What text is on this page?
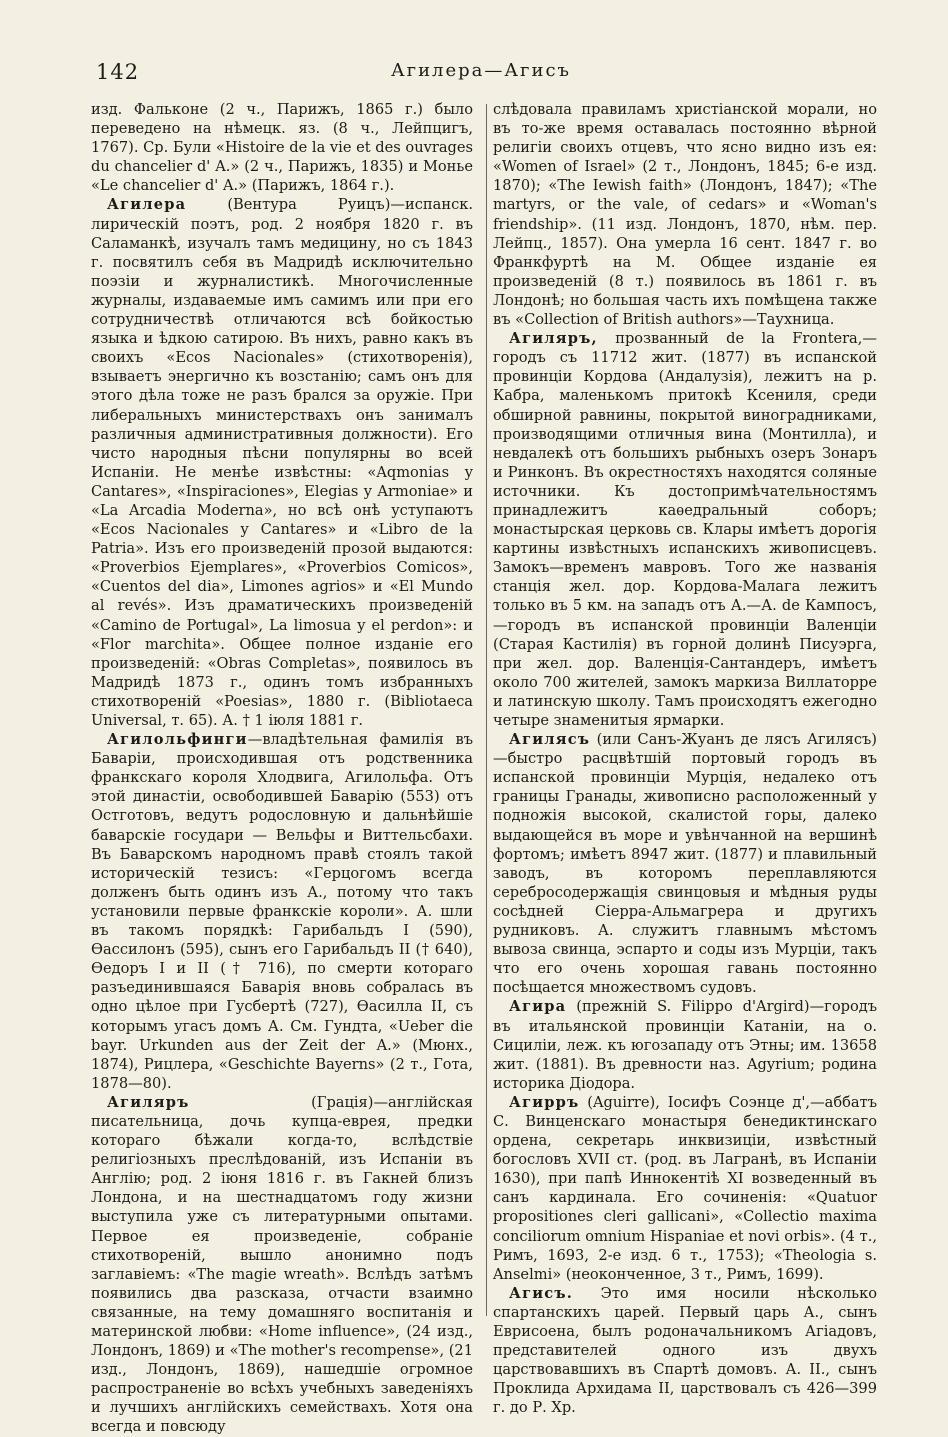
142	Агилера—Агисъ

изд. Фальконе (2 ч., Парижъ, 1865 г.) было переведено на нѣмецк. яз. (8 ч., Лейпцигъ, 1767). Ср. Були «Histoire de la vie et des ouvrages du chancelier d' A.» (2 ч., Парижъ, 1835) и Монье «Le chancelier d' A.» (Парижъ, 1864 г.).

Агилера (Вентура Руицъ)—испанск. лирическій поэтъ, род. 2 ноября 1820 г. въ Саламанкѣ, изучалъ тамъ медицину, но съ 1843 г. посвятилъ себя въ Мадридѣ исключительно поэзіи и журналистикѣ. Многочисленные журналы, издаваемые имъ самимъ или при его сотрудничествѣ отличаются всѣ бойкостью языка и ѣдкою сатирою. Въ нихъ, равно какъ въ своихъ «Ecos Nacionales» (стихотворенія), взываетъ энергично къ возстанію; самъ онъ для этого дѣла тоже не разъ брался за оружіе. При либеральныхъ министерствахъ онъ занималъ различныя административныя должности). Его чисто народныя пѣсни популярны во всей Испаніи. Не менѣе извѣстны: «Aqmonias y Cantares», «Inspiraciones», Elegias y Armoniae» и «La Arcadia Moderna», но всѣ онѣ уступаютъ «Ecos Nacionales y Cantares» и «Libro de la Patria». Изъ его произведеній прозой выдаются: «Proverbios Ejemplares», «Proverbios Comicos», «Cuentos del dia», Limones agrios» и «El Mundo al revés». Изъ драматическихъ произведеній «Camino de Portugal», La limosua y el perdon»: и «Flor marchita». Общее полное изданіе его произведеній: «Obras Completas», появилось въ Мадридѣ 1873 г., одинъ томъ избранныхъ стихотвореній «Poesias», 1880 г. (Bibliotaeca Universal, т. 65). А. † 1 іюля 1881 г.

Агилольфинги—владѣтельная фамилія въ Баваріи, происходившая отъ родственника франкскаго короля Хлодвига, Агилольфа. Отъ этой династіи, освободившей Баварію (553) отъ Остготовъ, ведутъ родословную и дальнѣйшіе баварскіе государи — Вельфы и Виттельсбахи. Въ Баварскомъ народномъ правѣ стоялъ такой историческій тезисъ: «Герцогомъ всегда долженъ быть одинъ изъ А., потому что такъ установили первые франкскіе короли». А. шли въ такомъ порядкѣ: Гарибальдъ I (590), Ѳассилонъ (595), сынъ его Гарибальдъ II († 640), Ѳедоръ I и II († 716), по смерти котораго разъединившаяся Баварія вновь собралась въ одно цѣлое при Гусбертѣ (727), Ѳасилла II, съ которымъ угасъ домъ А. См. Гундта, «Ueber die bayr. Urkunden aus der Zeit der A.» (Мюнх., 1874), Рицлера, «Geschichte Bayerns» (2 т., Гота, 1878—80).

Агиляръ (Грація)—англійская писательница, дочь купца-еврея, предки котораго бѣжали когда-то, вслѣдствіе религіозныхъ преслѣдованій, изъ Испаніи въ Англію; род. 2 іюня 1816 г. въ Гакней близъ Лондона, и на шестнадцатомъ году жизни выступила уже съ литературными опытами. Первое ея произведеніе, собраніе стихотвореній, вышло анонимно подъ заглавіемъ: «The magie wreath». Вслѣдъ затѣмъ появились два разсказа, отчасти взаимно связанные, на тему домашняго воспитанія и материнской любви: «Home influence», (24 изд., Лондонъ, 1869) и «The mother's recompense», (21 изд., Лондонъ, 1869), нашедшіе огромное распространеніе во всѣхъ учебныхъ заведеніяхъ и лучшихъ англійскихъ семействахъ. Хотя она всегда и повсюду

слѣдовала правиламъ христіанской морали, но въ то-же время оставалась постоянно вѣрной религіи своихъ отцевъ, что ясно видно изъ ея: «Women of Israel» (2 т., Лондонъ, 1845; 6-е изд. 1870); «The Iewish faith» (Лондонъ, 1847); «The martyrs, or the vale, of cedars» и «Woman's friendship». (11 изд. Лондонъ, 1870, нѣм. пер. Лейпц., 1857). Она умерла 16 сент. 1847 г. во Франкфуртѣ на М. Общее изданіе ея произведеній (8 т.) появилось въ 1861 г. въ Лондонѣ; но большая часть ихъ помѣщена также въ «Collection of British authors»—Таухница.

Агиляръ, прозванный de la Frontera,—городъ съ 11712 жит. (1877) въ испанской провинціи Кордова (Андалузія), лежитъ на р. Кабра, маленькомъ притокѣ Ксениля, среди обширной равнины, покрытой виноградниками, производящими отличныя вина (Монтилла), и невдалекѣ отъ большихъ рыбныхъ озеръ Зонаръ и Ринконъ. Въ окрестностяхъ находятся соляные источники. Къ достопримѣчательностямъ принадлежитъ каѳедральный соборъ; монастырская церковь св. Клары имѣетъ дорогія картины извѣстныхъ испанскихъ живописцевъ. Замокъ—временъ мавровъ. Того же названія станція жел. дор. Кордова-Малага лежитъ только въ 5 км. на западъ отъ А.—А. de Кампосъ,—городъ въ испанской провинціи Валенціи (Старая Кастилія) въ горной долинѣ Писуэрга, при жел. дор. Валенція-Сантандеръ, имѣетъ около 700 жителей, замокъ маркиза Виллаторре и латинскую школу. Тамъ происходятъ ежегодно четыре знаменитыя ярмарки.

Агилясъ (или Санъ-Жуанъ де лясъ Агилясъ)—быстро расцвѣтшій портовый городъ въ испанской провинціи Мурція, недалеко отъ границы Гранады, живописно расположенный у подножія высокой, скалистой горы, далеко выдающейся въ море и увѣнчанной на вершинѣ фортомъ; имѣетъ 8947 жит. (1877) и плавильный заводъ, въ которомъ переплавляются серебросодержащія свинцовыя и мѣдныя руды сосѣдней Сіерра-Альмагрера и другихъ рудниковъ. А. служитъ главнымъ мѣстомъ вывоза свинца, эспарто и соды изъ Мурціи, такъ что его очень хорошая гавань постоянно посѣщается множествомъ судовъ.

Агира (прежній S. Filippo d'Argird)—городъ въ итальянской провинціи Катаніи, на о. Сициліи, леж. къ югозападу отъ Этны; им. 13658 жит. (1881). Въ древности наз. Agyrium; родина историка Діодора.

Агирръ (Aguirre), Іосифъ Соэнце д',—аббатъ С. Винценскаго монастыря бенедиктинскаго ордена, секретарь инквизиціи, извѣстный богословъ XVII ст. (род. въ Лагранѣ, въ Испаніи 1630), при папѣ Иннокентіѣ XI возведенный въ санъ кардинала. Его сочиненія: «Quatuor propositiones cleri gallicani», «Collectio maxima conciliorum omnium Hispaniae et novi orbis». (4 т., Римъ, 1693, 2-е изд. 6 т., 1753); «Theologia s. Anselmi» (неоконченное, 3 т., Римъ, 1699).

Агисъ. Это имя носили нѣсколько спартанскихъ царей. Первый царь А., сынъ Еврисоена, былъ родоначальникомъ Агіадовъ, представителей одного изъ двухъ царствовавшихъ въ Спартѣ домовъ. А. II., сынъ Проклида Архидама II, царствовалъ съ 426—399 г. до Р. Хр.
